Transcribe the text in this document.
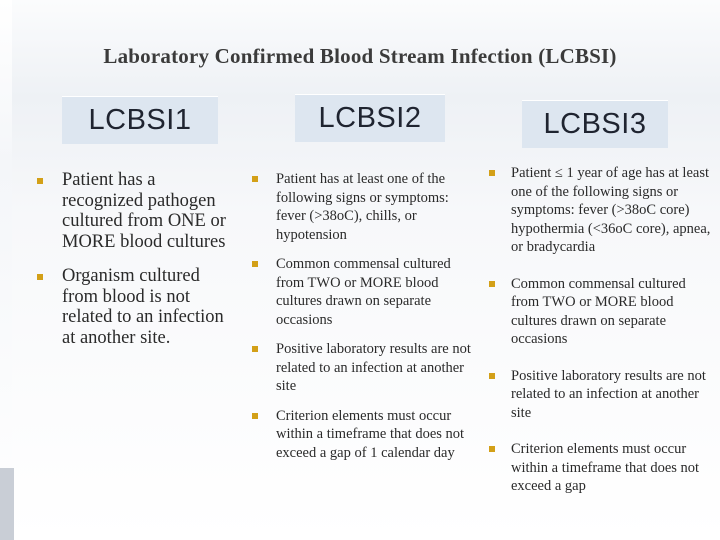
Laboratory Confirmed Blood Stream Infection (LCBSI)
LCBSI1	LCBSI2	LCBSI3
Patient has a recognized pathogen cultured from ONE or MORE blood cultures
Organism cultured from blood is not related to an infection at another site.
Patient has at least one of the following signs or symptoms: fever (>38oC), chills, or hypotension
Common commensal cultured from TWO or MORE blood cultures drawn on separate occasions
Positive laboratory results are not related to an infection at another site
Criterion elements must occur within a timeframe that does not exceed a gap of 1 calendar day
Patient ≤ 1 year of age has at least one of the following signs or symptoms: fever (>38oC core) hypothermia (<36oC core), apnea, or bradycardia
Common commensal cultured from TWO or MORE blood cultures drawn on separate occasions
Positive laboratory results are not related to an infection at another site
Criterion elements must occur within a timeframe that does not exceed a gap
